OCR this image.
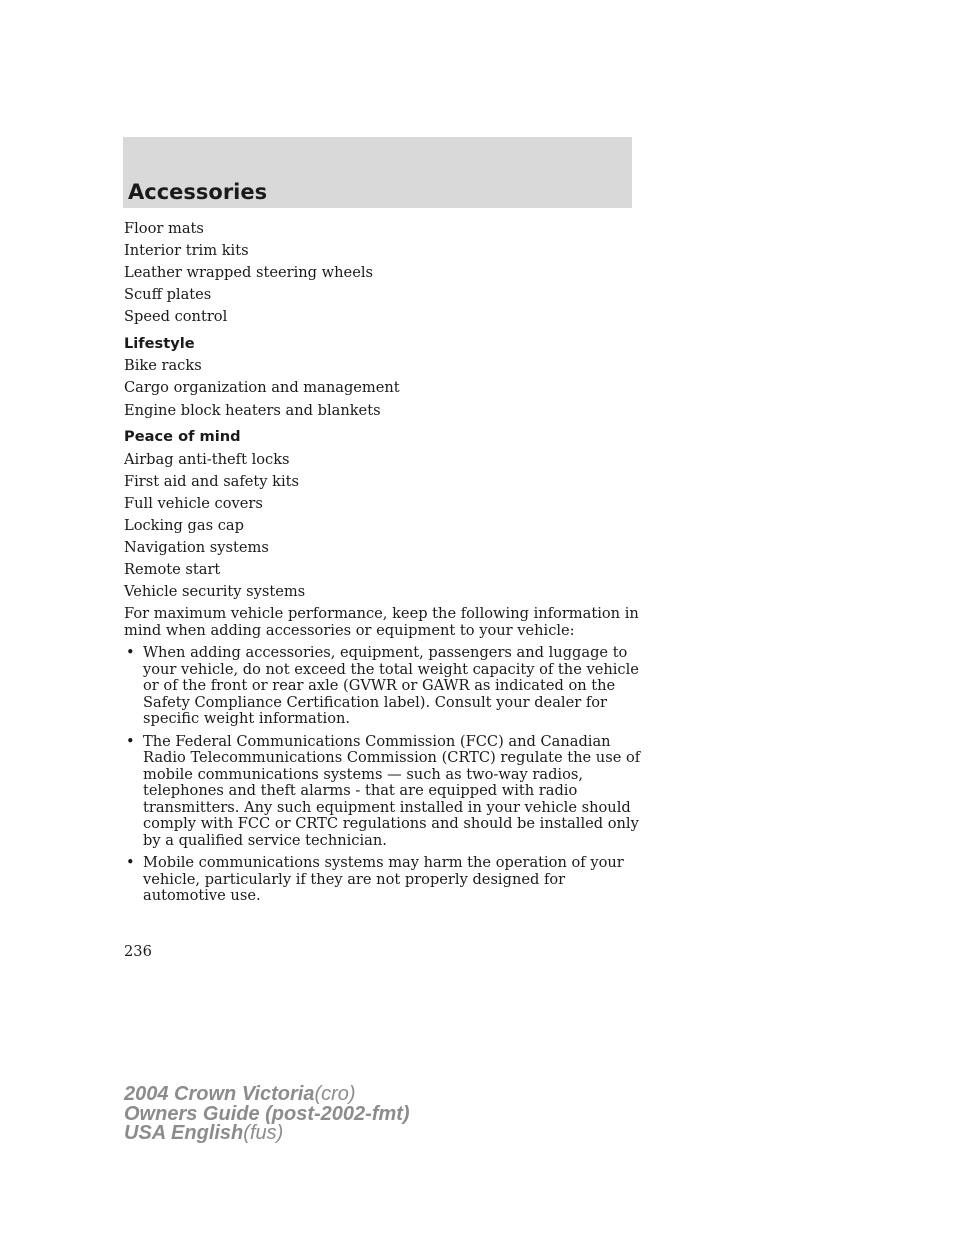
Accessories

Floor mats

Interior trim kits

Leather wrapped steering wheels

Scuff plates

Speed control

Lifestyle

Bike racks

Cargo organization and management

Engine block heaters and blankets

Peace of mind

Airbag anti-theft locks

First aid and safety kits

Full vehicle covers

Locking gas cap

Navigation systems

Remote start

Vehicle security systems

For maximum vehicle performance, keep the following information in mind when adding accessories or equipment to your vehicle:

• When adding accessories, equipment, passengers and luggage to your vehicle, do not exceed the total weight capacity of the vehicle or of the front or rear axle (GVWR or GAWR as indicated on the Safety Compliance Certification label). Consult your dealer for specific weight information.
• The Federal Communications Commission (FCC) and Canadian Radio Telecommunications Commission (CRTC) regulate the use of mobile communications systems — such as two-way radios, telephones and theft alarms - that are equipped with radio transmitters. Any such equipment installed in your vehicle should comply with FCC or CRTC regulations and should be installed only by a qualified service technician.
• Mobile communications systems may harm the operation of your vehicle, particularly if they are not properly designed for automotive use.

236

2004 Crown Victoria(cro)
Owners Guide (post-2002-fmt)
USA English(fus)
